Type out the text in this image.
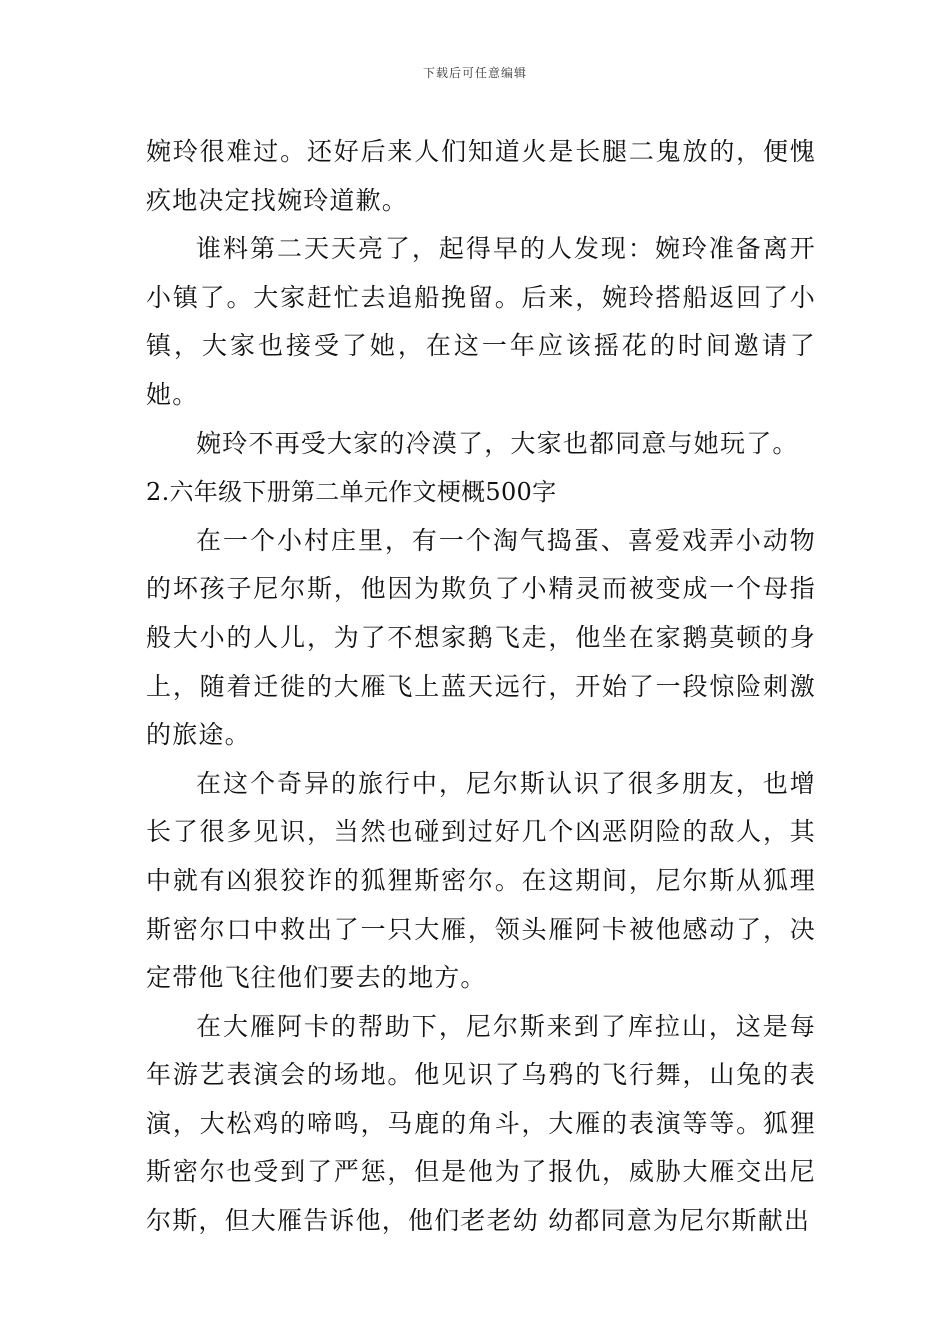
下载后可任意编辑

婉玲很难过。还好后来人们知道火是长腿二鬼放的，便愧疚地决定找婉玲道歉。

谁料第二天天亮了，起得早的人发现：婉玲准备离开小镇了。大家赶忙去追船挽留。后来，婉玲搭船返回了小镇，大家也接受了她，在这一年应该摇花的时间邀请了她。

婉玲不再受大家的冷漠了，大家也都同意与她玩了。

2.六年级下册第二单元作文梗概500字

在一个小村庄里，有一个淘气捣蛋、喜爱戏弄小动物的坏孩子尼尔斯，他因为欺负了小精灵而被变成一个母指般大小的人儿，为了不想家鹅飞走，他坐在家鹅莫顿的身上，随着迁徙的大雁飞上蓝天远行，开始了一段惊险刺激的旅途。

在这个奇异的旅行中，尼尔斯认识了很多朋友，也增长了很多见识，当然也碰到过好几个凶恶阴险的敌人，其中就有凶狠狡诈的狐狸斯密尔。在这期间，尼尔斯从狐理斯密尔口中救出了一只大雁，领头雁阿卡被他感动了，决定带他飞往他们要去的地方。

在大雁阿卡的帮助下，尼尔斯来到了库拉山，这是每年游艺表演会的场地。他见识了乌鸦的飞行舞，山兔的表演，大松鸡的啼鸣，马鹿的角斗，大雁的表演等等。狐狸斯密尔也受到了严惩，但是他为了报仇，威胁大雁交出尼尔斯，但大雁告诉他，他们老老幼 幼都同意为尼尔斯献出
